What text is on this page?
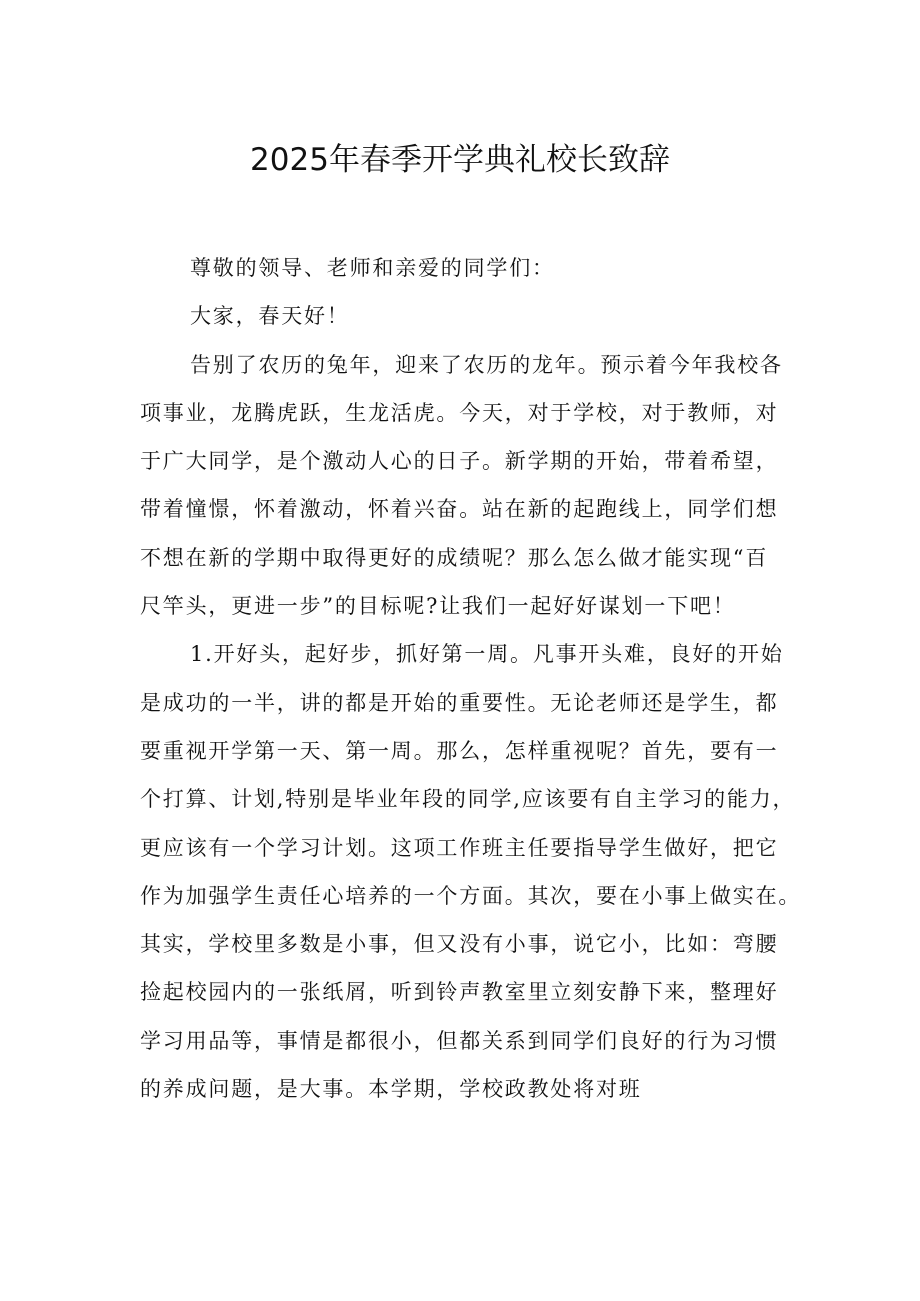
2025年春季开学典礼校长致辞
尊敬的领导、老师和亲爱的同学们：
大家，春天好！
告别了农历的兔年，迎来了农历的龙年。预示着今年我校各
项事业，龙腾虎跃，生龙活虎。今天，对于学校，对于教师，对
于广大同学，是个激动人心的日子。新学期的开始，带着希望，
带着憧憬，怀着激动，怀着兴奋。站在新的起跑线上，同学们想
不想在新的学期中取得更好的成绩呢？那么怎么做才能实现“百
尺竿头，更进一步”的目标呢?让我们一起好好谋划一下吧！
1.开好头，起好步，抓好第一周。凡事开头难，良好的开始
是成功的一半，讲的都是开始的重要性。无论老师还是学生，都
要重视开学第一天、第一周。那么，怎样重视呢？首先，要有一
个打算、计划,特别是毕业年段的同学,应该要有自主学习的能力，
更应该有一个学习计划。这项工作班主任要指导学生做好，把它
作为加强学生责任心培养的一个方面。其次，要在小事上做实在。
其实，学校里多数是小事，但又没有小事，说它小，比如：弯腰
捡起校园内的一张纸屑，听到铃声教室里立刻安静下来，整理好
学习用品等，事情是都很小，但都关系到同学们良好的行为习惯
的养成问题，是大事。本学期，学校政教处将对班
